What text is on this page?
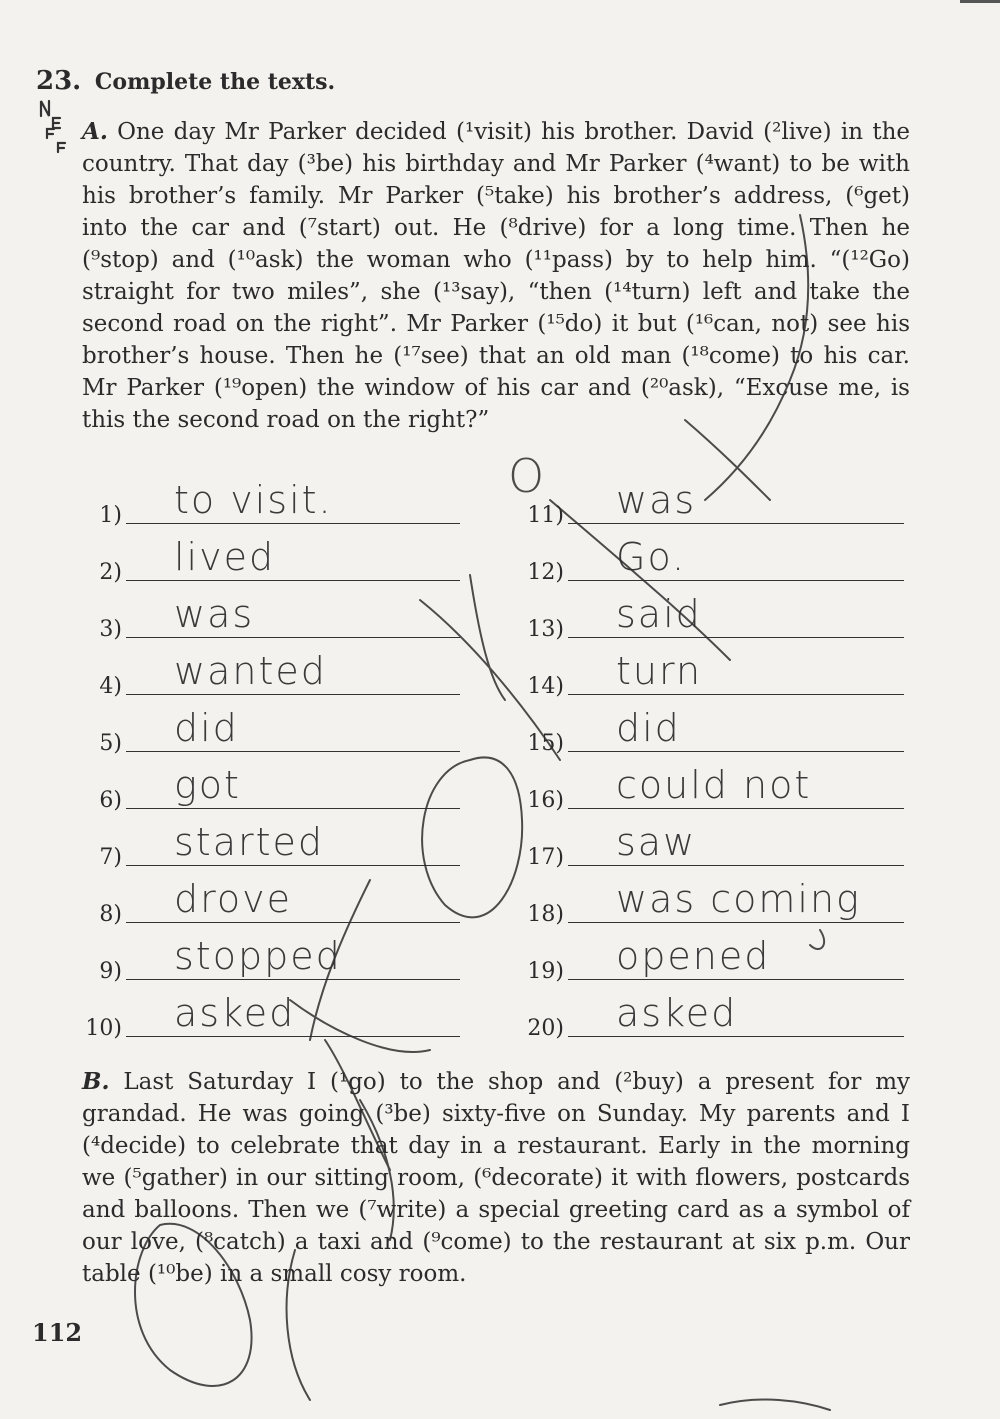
23. Complete the texts.

A. One day Mr Parker decided (¹visit) his brother. David (²live) in the country. That day (³be) his birthday and Mr Parker (⁴want) to be with his brother’s family. Mr Parker (⁵take) his brother’s address, (⁶get) into the car and (⁷start) out. He (⁸drive) for a long time. Then he (⁹stop) and (¹⁰ask) the woman who (¹¹pass) by to help him. “(¹²Go) straight for two miles”, she (¹³say), “then (¹⁴turn) left and take the second road on the right”. Mr Parker (¹⁵do) it but (¹⁶can, not) see his brother’s house. Then he (¹⁷see) that an old man (¹⁸come) to his car. Mr Parker (¹⁹open) the window of his car and (²⁰ask), “Excuse me, is this the second road on the right?”

1) to visit.
2) lived
3) was
4) wanted
5) did
6) got
7) started
8) drove
9) stopped
10) asked
11) was
12) Go.
13) said
14) turn
15) did
16) could not
17) saw
18) was coming
19) opened
20) asked

B. Last Saturday I (¹go) to the shop and (²buy) a present for my grandad. He was going (³be) sixty-five on Sunday. My parents and I (⁴decide) to celebrate that day in a restaurant. Early in the morning we (⁵gather) in our sitting room, (⁶decorate) it with flowers, postcards and balloons. Then we (⁷write) a special greeting card as a symbol of our love, (⁸catch) a taxi and (⁹come) to the restaurant at six p.m. Our table (¹⁰be) in a small cosy room.

112
O
